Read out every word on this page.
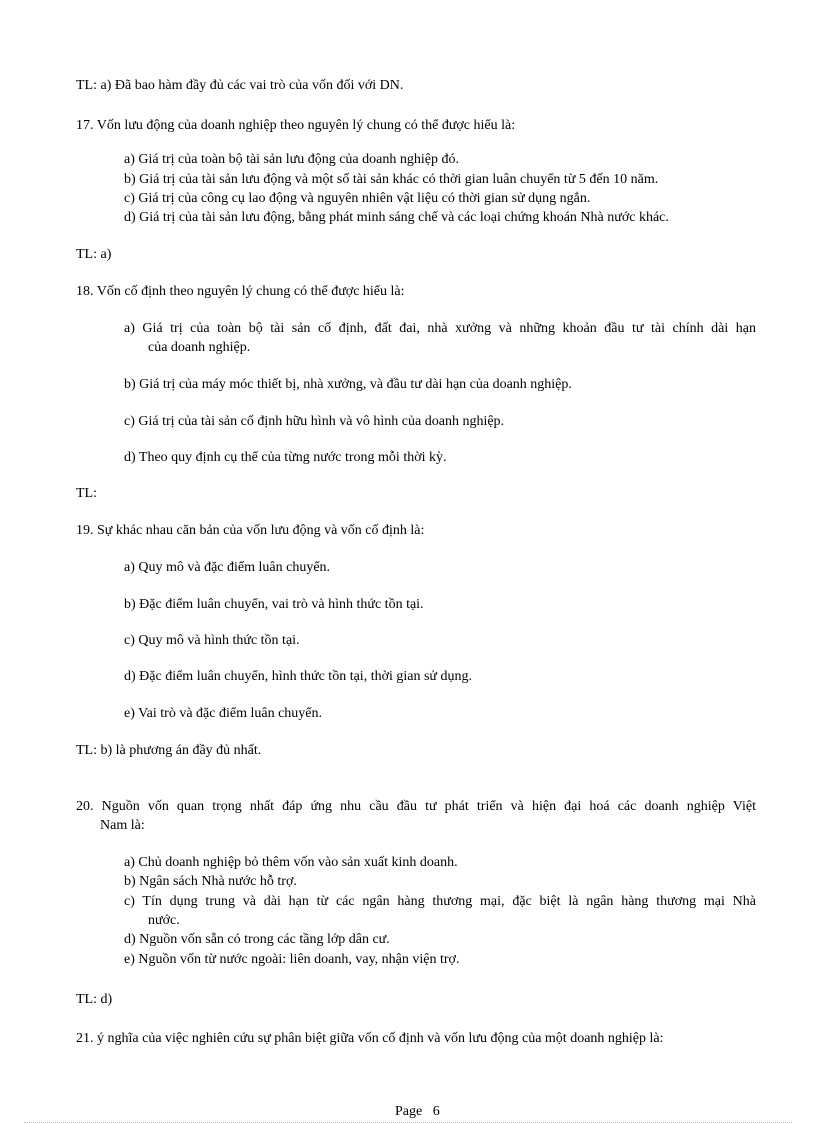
TL: a) Đã bao hàm đầy đủ các vai trò của vốn đối với DN.
17. Vốn lưu động của doanh nghiệp theo nguyên lý chung có thể được hiểu là:
a) Giá trị của toàn bộ tài sản lưu động của doanh nghiệp đó.
b) Giá trị của tài sản lưu động và một số tài sản khác có thời gian luân chuyển từ 5 đến 10 năm.
c) Giá trị của công cụ lao động và nguyên nhiên vật liệu có thời gian sử dụng ngắn.
d) Giá trị của tài sản lưu động, bằng phát minh sáng chế và các loại chứng khoán Nhà nước khác.
TL: a)
18. Vốn cố định theo nguyên lý chung có thể được hiểu là:
a) Giá trị của toàn bộ tài sản cố định, đất đai, nhà xưởng và những khoản đầu tư tài chính dài hạn
của doanh nghiệp.
b) Giá trị của máy móc thiết bị, nhà xưởng, và đầu tư dài hạn của doanh nghiệp.
c) Giá trị của tài sản cố định hữu hình và vô hình của doanh nghiệp.
d) Theo quy định cụ thể của từng nước trong mỗi thời kỳ.
TL:
19. Sự khác nhau căn bản của vốn lưu động và vốn cố định là:
a) Quy mô và đặc điểm luân chuyển.
b) Đặc điểm luân chuyển, vai trò và hình thức tồn tại.
c) Quy mô và hình thức tồn tại.
d) Đặc điểm luân chuyển, hình thức tồn tại, thời gian sử dụng.
e) Vai trò và đặc điểm luân chuyển.
TL: b) là phương án đầy đủ nhất.
20. Nguồn vốn quan trọng nhất đáp ứng nhu cầu đầu tư phát triển và hiện đại hoá các doanh nghiệp Việt
Nam là:
a) Chủ doanh nghiệp bỏ thêm vốn vào sản xuất kinh doanh.
b) Ngân sách Nhà nước hỗ trợ.
c) Tín dụng trung và dài hạn từ các ngân hàng thương mại, đặc biệt là ngân hàng thương mại Nhà
nước.
d) Nguồn vốn sẵn có trong các tầng lớp dân cư.
e) Nguồn vốn từ nước ngoài: liên doanh, vay, nhận viện trợ.
TL: d)
21. ý nghĩa của việc nghiên cứu sự phân biệt giữa vốn cố định và vốn lưu động của một doanh nghiệp là:
Page 6
